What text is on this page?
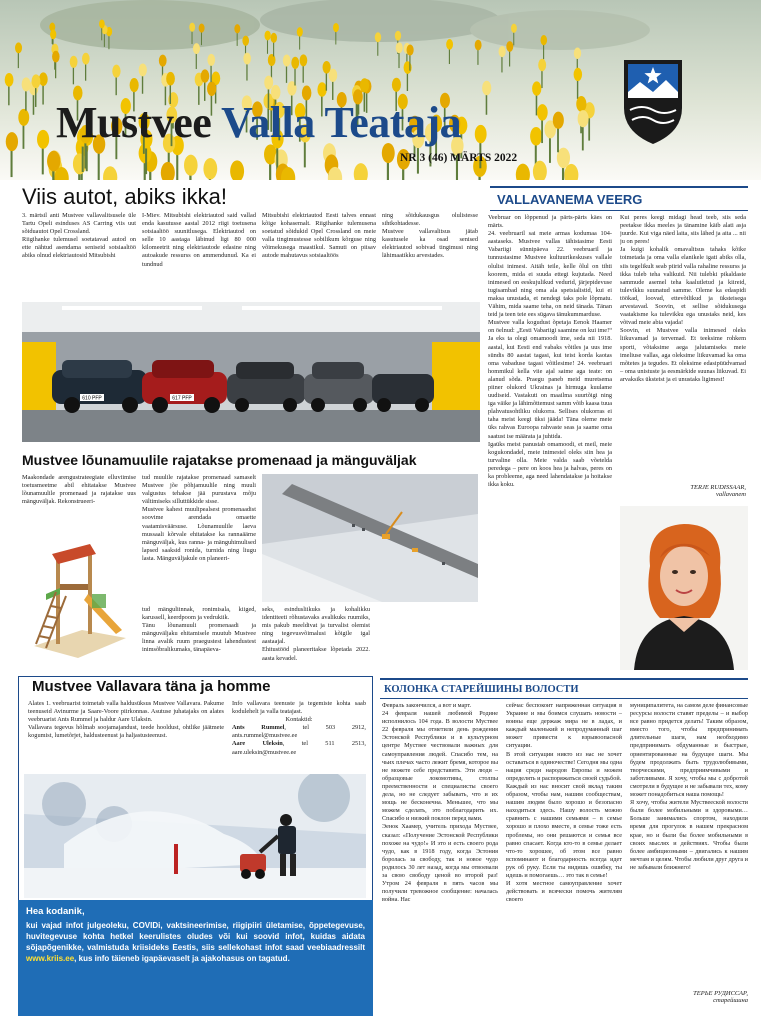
Mustvee Valla Teataja
NR 3 (46) MÄRTS 2022
Viis autot, abiks ikka!
3. märtsil anti Mustvee vallavalitsusele üle Tartu Opeli esinduses AS Carring viis uut sõiduautot Opel Crossland.
Riigihanke tulemusel soetatavad autod on ette nähtud asendama seniseid sotsiaaltöö abiks olnud elektriautosid Mitsubishi
I-Miev. Mitsubishi elektriautod said vallad enda kasutusse aastal 2012 riigi toetusena sotsiaaltöö suunitlusega. Elektriautod on selle 10 aastaga läbinud ligi 80 000 kilomeetrit ning elektriautode edasine ning autoakude ressurss on ammendunud. Ka ei tundnud
Mitsubishi elektriautod Eesti talves ennast kõige kohasemalt. Riigihanke tulemusena soetatud sõidukid Opel Crossland on meie valla tingimustesse sobilikum kõrguse ning võimekusega maastikul. Samuti on piisav autode mahutavus sotsiaaltöös
ning sõidukausgus olulistesse sihtkohtadesse.
Mustvee vallavalitsus jätab kasutusele ka osad senised elektriautod sobivad tingimusi ning lähimaatikku arvestades.
610 PFP	617 PFP
Mustvee lõunamuulile rajatakse promenaad ja mänguväljak
Maakondade arengustrateegiate elluviimise toetusmeetme abil ehitatakse Mustvee lõunamuulile promenaad ja rajatakse uus mänguväljak. Rekonstrueeri-
tud muulile rajatakse promenaad samaselt Mustvee jõe põhjamuulile ning muuli valgustus tehakse jää purustava mõju vältimiseks silluttükkide sisse.
Mustvee kahest muulipealsest promenaadist soovime arendada omaette vaatamisväärsuse. Lõunamuulile laeva mussaali kõrvale ehitatakse ka rannaäärne mänguväljak, kus ranna- ja mänguhimulised lapsed saaksid ronida, turnida ning liugu lasta. Mänguväljakule on planeeri-
tud mänguliinnak, ronimisala, kiiged, karussell, keerdpoom ja vedrukiik.
Tänu lõunamuuli promenaadi ja mänguväljaku ehitamisele muutub Mustvee linna avalik ruum praegustest lahendustest inimsõbralikumaks, tänapäeva-
seks, esindusliikuks ja kohalikku identiteeti rõhustavaks avalikuks ruumiks, mis pakub meeldivat ja turvalist olemist ning tegevusvõimalusi kõigile igal aastaajal.
Ehitustööd planeeritakse lõpetada 2022. aasta kevadel.
Mustvee Vallavara täna ja homme
Alates 1. veebruarist toimetab valla haldusüksus Mustvee Vallavara. Pakume teenuseid Avinurme ja Saare-Voore piirkonnas. Asutuse juhatajaks on alates veebruarist Ants Rummel ja haldur Aare Ulaksin.
Vallavara tegevus hõlmab soojamajandust, teede hooldust, ohtlike jäätmete kogumist, lumetõrjet, haldusteenust ja haljastusteenust.
Info vallavara teenuste ja tegemiste kohta saab kodulehelt ja valla teatajast.

Kontaktid:
Ants Rummel, tel 503 2912, ants.rummel@mustvee.ee
Aare Uleksin, tel 511 2513, aare.uleksin@mustvee.ee
Hea kodanik,
kui vajad infot julgeoleku, COVIDi, vaktsineerimise, riigipiiri ületamise, õppetegevuse, huvitegevuse kohta hetkel keerulistes oludes või kui soovid infot, kuidas aidata sõjapõgenikke, valmistuda kriisideks Eestis, siis sellekohast infot saad veebiaadressilt www.kriis.ee, kus info täieneb igapäevaselt ja ajakohasus on tagatud.
VALLAVANEMA VEERG
Veebruar on lõppenud ja pärts-pärts käes on märts.
24. veebruaril sai meie armas kodumaa 104-aastaseks. Mustvee vallas tähistasime Eesti Vabariigi sünnipäeva 22. veebruaril ja tunnustasime Mustvee kultuurikeskuses vallale olulisi inimesi. Aitäh teile, kelle õlul on tihti koorem, mida ei suuda ettegi kujutada. Need inimesed on eeskujulikud vedurid, järjepidevuse tugisambad ning oma ala spetsialistid, kui ei maksa unustada, et nendegi taks pole lõpmatu. Vähim, mida saame teha, on neid tänada. Tänan teid ja teen teie ees sügava tänukummarduse.
Mustvee valla kogudust õpetaja Eenok Haamer on öelnud: „Eesti Vabariigi saamine on kui ime!“ Ja eks ta olegi omamoodi ime, seda nii 1918. aastal, kui Eesti end vabaks võitles ja uus ime sündis 80 aastat tagasi, kui teist korda kaotas oma vabaduse tagasi võitlesime! 24. veebruari hommikul kella viie ajal saime aga teate: on alanud sõda. Praegu paneb meid muretsema piiner olukord Ukrainas ja hirmuga kuulame uudiseid. Vastakuti on maailma suurtõigi ning iga väike ja lähimõttemust samm võib kaasa tuua plahvatusohtliku olukorra. Sellises olukorras ei taha meist keegi üksi jääda! Täna oleme meie üks rahvas Euroopa rahvaste seas ja saame oma saatust ise määrata ja juhtida.
Igaüks meist panustab omamoodi, et meil, meie kogukondadel, meie inimestel oleks siin hea ja turvaline olla. Meie valda saab võetelda peredega – pere on koos hea ja halvas, peres on ka probleeme, aga need lahendatakse ja hoitakse ikka koku.
Kui peres keegi midagi head teeb, siis seda peetakse ikka meeles ja tänamine käib alati asja juurde. Kui viga näed laita, siis lähed ja aita ... nii ju on peres!
Ja kuigi kohalik omavalitsus tahaks kõike toimetada ja oma valla elanikele igati abiks olla, siis tegelikult seab piirid valla rahaline ressurss ja ikka tuleb teha valikuid. Nii tulebki pikaldaste sammude asemel teha kaalutletud ja kiireid, tulevikku suunatud samme. Oleme ka edaspidi töökad, loovad, ettevõtlikud ja üksteisega arvestavad. Soovin, et sellise sõidukusega vaatakisme ka tulevikku ega unustaks neid, kes võtvad meie abia vajada!
Soovin, et Mustvee valla inimesed oleks liikuvamad ja tervemad. Et teeksime rohkem sporti, võtaksime aega jalutamiseks meie imeliuse vallas, aga oleksime liikuvamad ka oma mõtetes ja tegudes. Et oleksime edasipüüdvamad – oma unistuste ja eesmärkide suunas liikuvad. Ei arvaksiks üksteist ja ei unustaks ligimest!
TERJE RUDISSAAR,
vallavanem
КОЛОНКА СТАРЕЙШИНЫ ВОЛОСТИ
Февраль закончился, а вот и март.
24 февраля нашей любимой Родине исполнилось 104 года. В волости Муствее 22 февраля мы отметили день рождения Эстонской Республики и в культурном центре Муствее чествовали важных для самоуправления людей. Спасибо тем, на чьих плечах часто лежит бремя, которое вы не можете себе представить. Эти люди – образцовые локомотивы, столпы преемственности и специалисты своего дела, но не следует забывать, что и их мощь не бесконечна. Меньшее, что мы можем сделать, это поблагодарить их. Спасибо и низкий поклон перед вами.
Эенок Хаамер, учитель прихода Муствее, сказал: «Получение Эстонской Республики похоже на чудо!» И это и есть своего рода чудо, как в 1918 году, когда Эстония боролась за свободу, так и новое чудо родилось 30 лет назад, когда мы отвоевали за свою свободу ценой во второй раз! Утром 24 февраля в пять часов мы получили тревожное сообщение: началась война. Нас
сейчас беспокоит напряженная ситуация в Украине и мы боимся слушать новости – воины еще держаж мира не в ладах, и каждый маленький и непродуманный шаг может привести к взрывоопасной ситуации.
В этой ситуации никто из нас не хочет оставаться в одиночестве! Сегодня мы одна нация среди народов Европы и можем определять и распоряжаться своей судьбой.
Каждый из нас вносит свой вклад таким образом, чтобы нам, нашим сообществам, нашим людям было хорошо и безопасно находиться здесь. Нашу волость можно сравнить с нашими семьями – в семье хорошо и плохо вместе, в семье тоже есть проблемы, но они решаются и семья все равно спасает. Когда кто-то в семье делает что-то хорошее, об этом все равно вспоминают и благодарность всегда идет рук об руку. Если ты видишь ошибку, ты идешь и помогаешь… это так в семье!
И хотя местное самоуправление хочет действовать и всячески помочь жителям своего
муниципалитета, на самом деле финансовые ресурсы волости ставят пределы – и выбор все равно придется делать! Таким образом, вместо того, чтобы предпринимать длительные шаги, нам необходимо предпринимать обдуманные и быстрые, ориентированные на будущее шаги. Мы будем продолжать быть трудолюбивыми, творческими, предприимчивыми и заботливыми. Я хочу, чтобы мы с добротой смотрели в будущее и не забывали тех, кому может понадобиться наша помощь!
Я хочу, чтобы жители Муствееской волости были более мобильными и здоровыми… Больше занимались спортом, находили время для прогулок в нашем прекрасном крае, но и были бы более мобильными в своих мыслях и действиях. Чтобы были более амбициозными – двигались к нашим мечтам и целям. Чтобы любили друг друга и не забывали ближнего!
ТЕРЬЕ РУДИССАР,
старейшина
